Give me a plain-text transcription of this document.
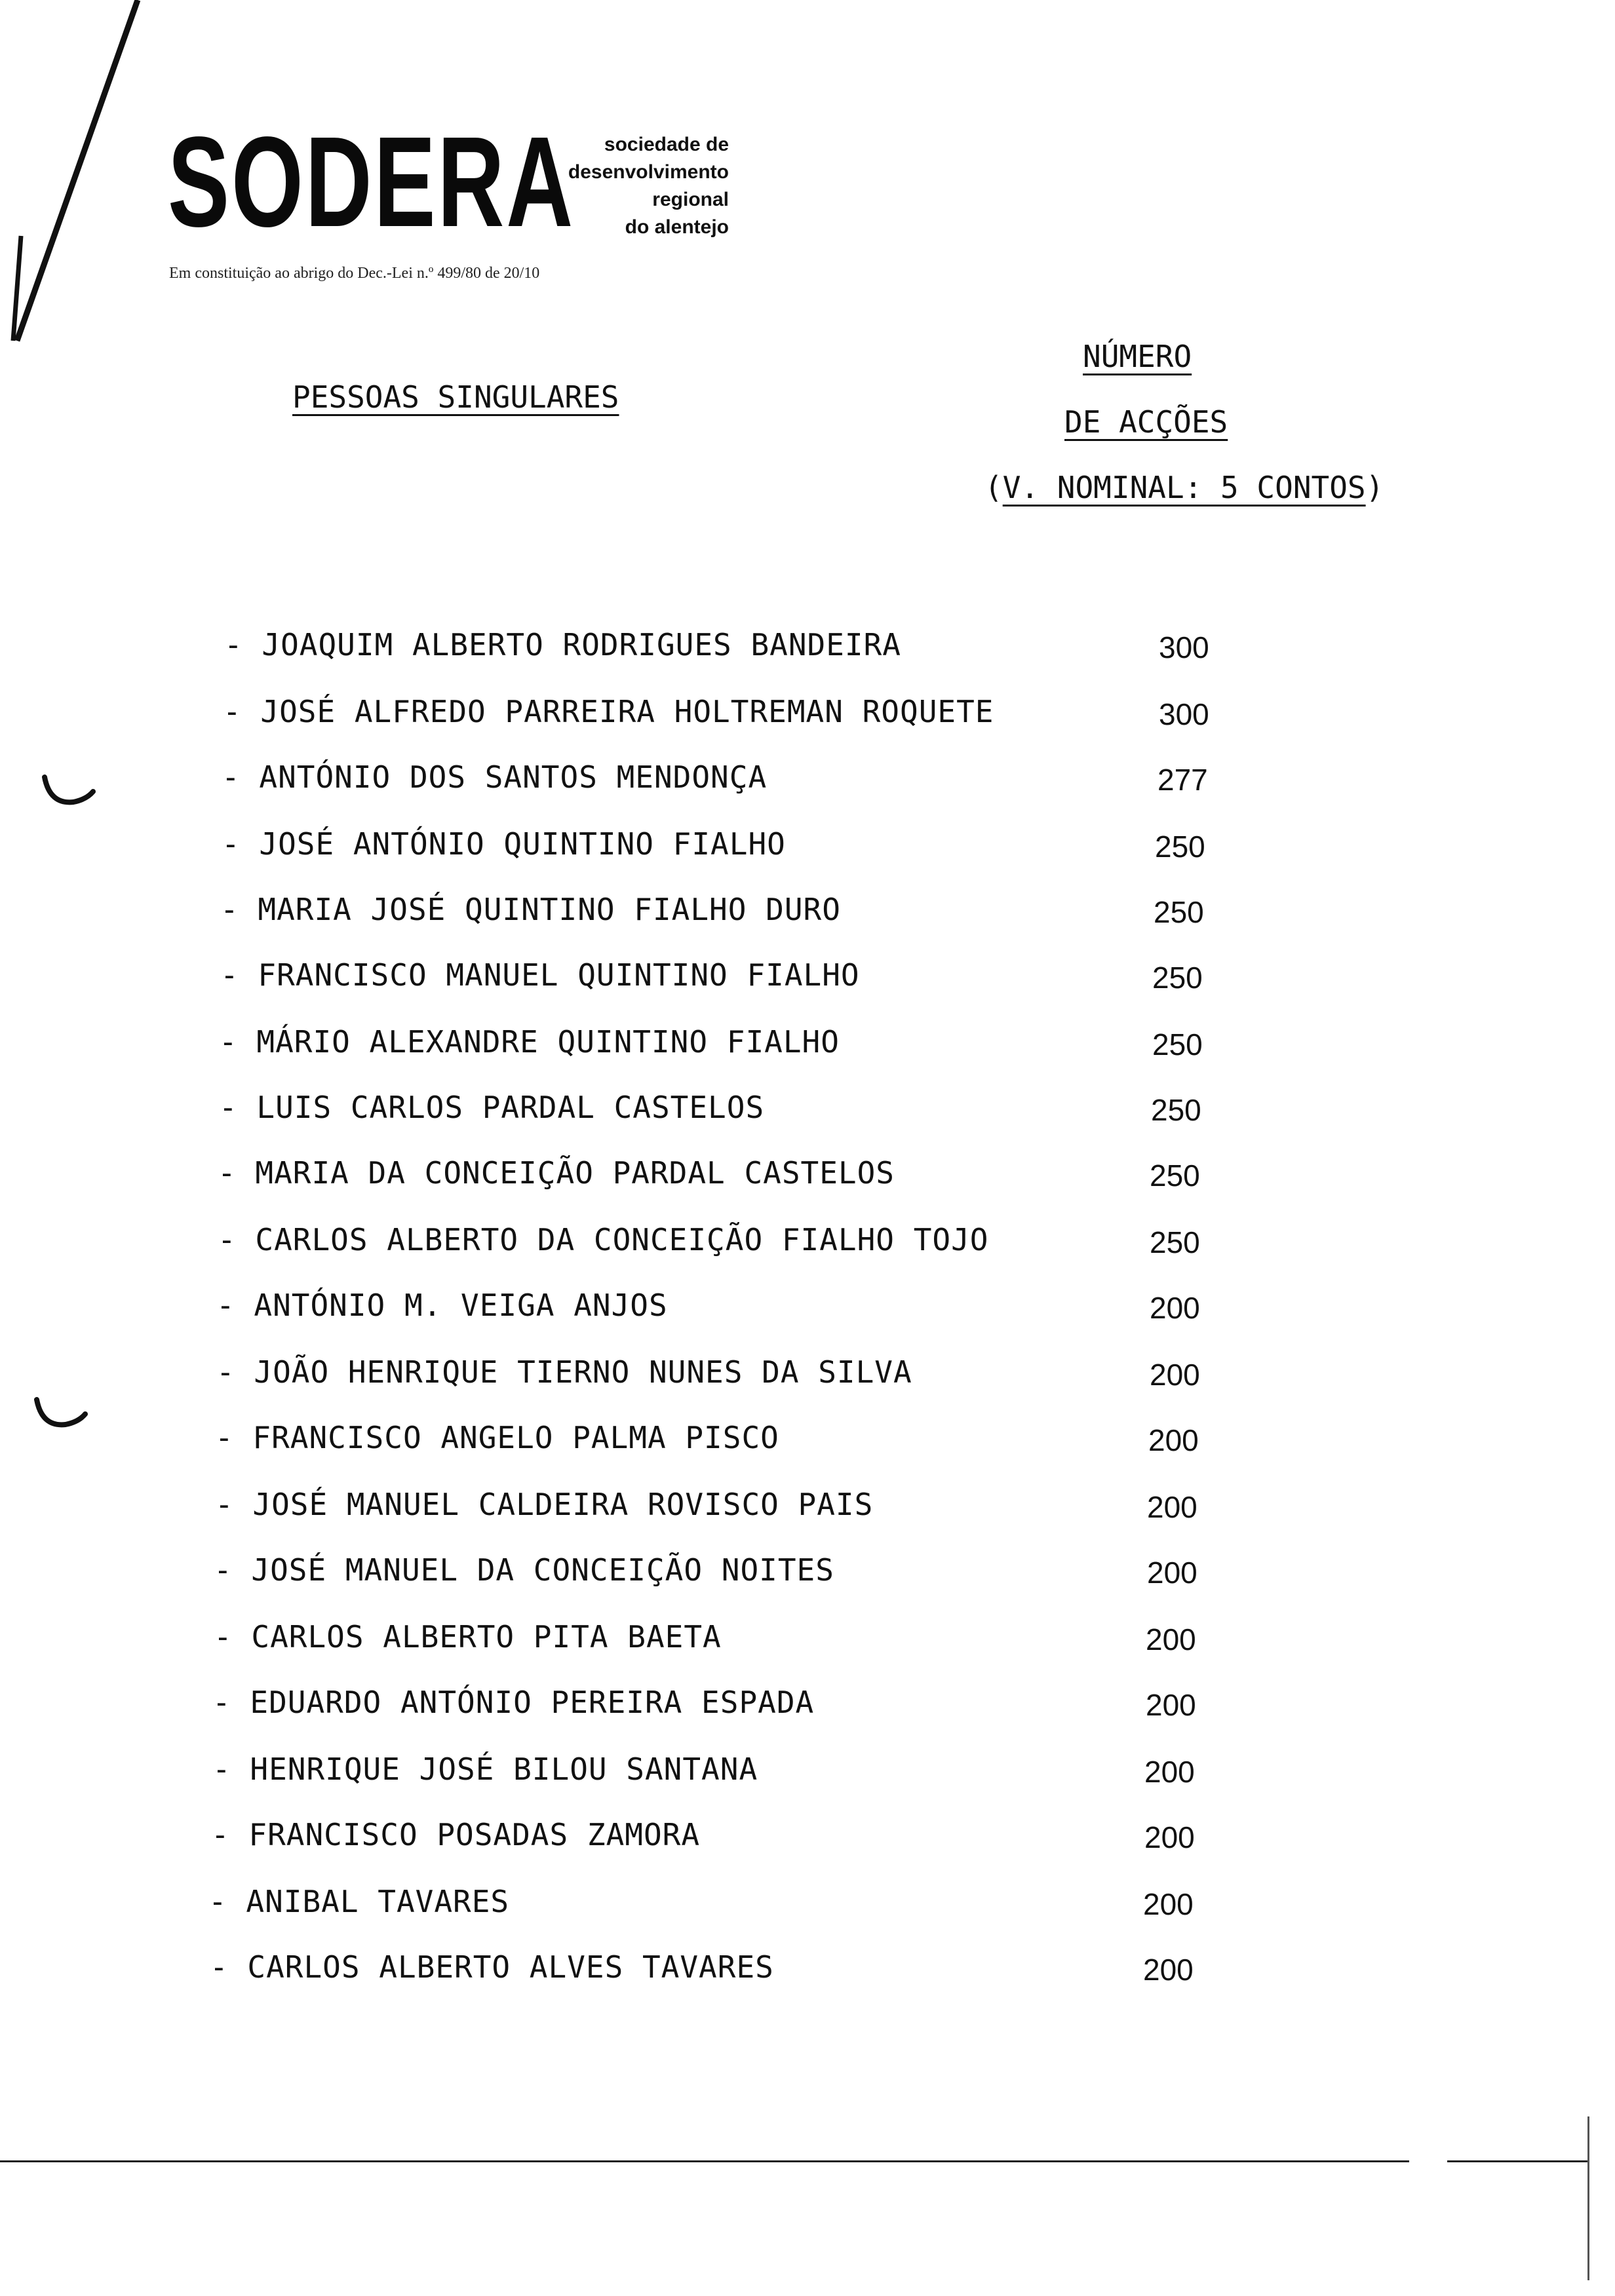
SODERA	sociedade de
desenvolvimento
regional
do alentejo
Em constituição ao abrigo do Dec.-Lei n.º 499/80 de 20/10
PESSOAS SINGULARES
NÚMERO
DE ACÇÕES
(V. NOMINAL: 5 CONTOS)
- JOAQUIM ALBERTO RODRIGUES BANDEIRA	300
- JOSÉ ALFREDO PARREIRA HOLTREMAN ROQUETE	300
- ANTÓNIO DOS SANTOS MENDONÇA	277
- JOSÉ ANTÓNIO QUINTINO FIALHO	250
- MARIA JOSÉ QUINTINO FIALHO DURO	250
- FRANCISCO MANUEL QUINTINO FIALHO	250
- MÁRIO ALEXANDRE QUINTINO FIALHO	250
- LUIS CARLOS PARDAL CASTELOS	250
- MARIA DA CONCEIÇÃO PARDAL CASTELOS	250
- CARLOS ALBERTO DA CONCEIÇÃO FIALHO TOJO	250
- ANTÓNIO M. VEIGA ANJOS	200
- JOÃO HENRIQUE TIERNO NUNES DA SILVA	200
- FRANCISCO ANGELO PALMA PISCO	200
- JOSÉ MANUEL CALDEIRA ROVISCO PAIS	200
- JOSÉ MANUEL DA CONCEIÇÃO NOITES	200
- CARLOS ALBERTO PITA BAETA	200
- EDUARDO ANTÓNIO PEREIRA ESPADA	200
- HENRIQUE JOSÉ BILOU SANTANA	200
- FRANCISCO POSADAS ZAMORA	200
- ANIBAL TAVARES	200
- CARLOS ALBERTO ALVES TAVARES	200
